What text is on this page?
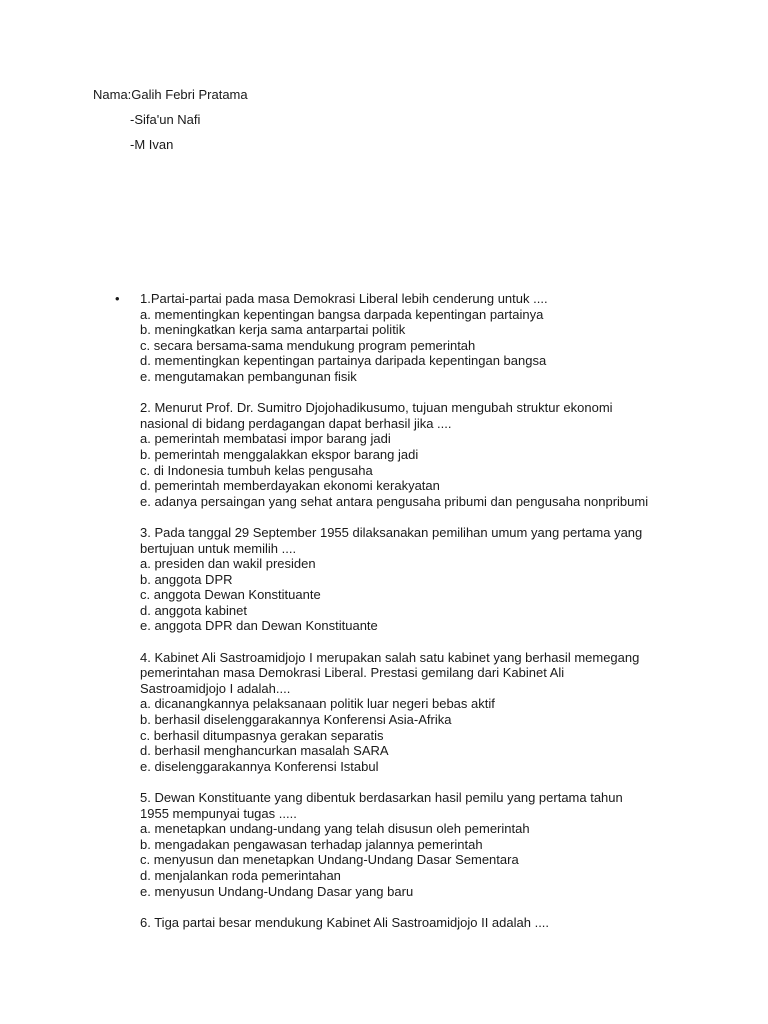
Nama:Galih Febri Pratama

-Sifa'un Nafi

-M Ivan

• 1.Partai-partai pada masa Demokrasi Liberal lebih cenderung untuk ....
a. mementingkan kepentingan bangsa darpada kepentingan partainya
b. meningkatkan kerja sama antarpartai politik
c. secara bersama-sama mendukung program pemerintah
d. mementingkan kepentingan partainya daripada kepentingan bangsa
e. mengutamakan pembangunan fisik
2. Menurut Prof. Dr. Sumitro Djojohadikusumo, tujuan mengubah struktur ekonomi
nasional di bidang perdagangan dapat berhasil jika ....
a. pemerintah membatasi impor barang jadi
b. pemerintah menggalakkan ekspor barang jadi
c. di Indonesia tumbuh kelas pengusaha
d. pemerintah memberdayakan ekonomi kerakyatan
e. adanya persaingan yang sehat antara pengusaha pribumi dan pengusaha nonpribumi
3. Pada tanggal 29 September 1955 dilaksanakan pemilihan umum yang pertama yang
bertujuan untuk memilih ....
a. presiden dan wakil presiden
b. anggota DPR
c. anggota Dewan Konstituante
d. anggota kabinet
e. anggota DPR dan Dewan Konstituante
4. Kabinet Ali Sastroamidjojo I merupakan salah satu kabinet yang berhasil memegang
pemerintahan masa Demokrasi Liberal. Prestasi gemilang dari Kabinet Ali
Sastroamidjojo I adalah....
a. dicanangkannya pelaksanaan politik luar negeri bebas aktif
b. berhasil diselenggarakannya Konferensi Asia-Afrika
c. berhasil ditumpasnya gerakan separatis
d. berhasil menghancurkan masalah SARA
e. diselenggarakannya Konferensi Istabul
5. Dewan Konstituante yang dibentuk berdasarkan hasil pemilu yang pertama tahun
1955 mempunyai tugas .....
a. menetapkan undang-undang yang telah disusun oleh pemerintah
b. mengadakan pengawasan terhadap jalannya pemerintah
c. menyusun dan menetapkan Undang-Undang Dasar Sementara
d. menjalankan roda pemerintahan
e. menyusun Undang-Undang Dasar yang baru
6. Tiga partai besar mendukung Kabinet Ali Sastroamidjojo II adalah ....
